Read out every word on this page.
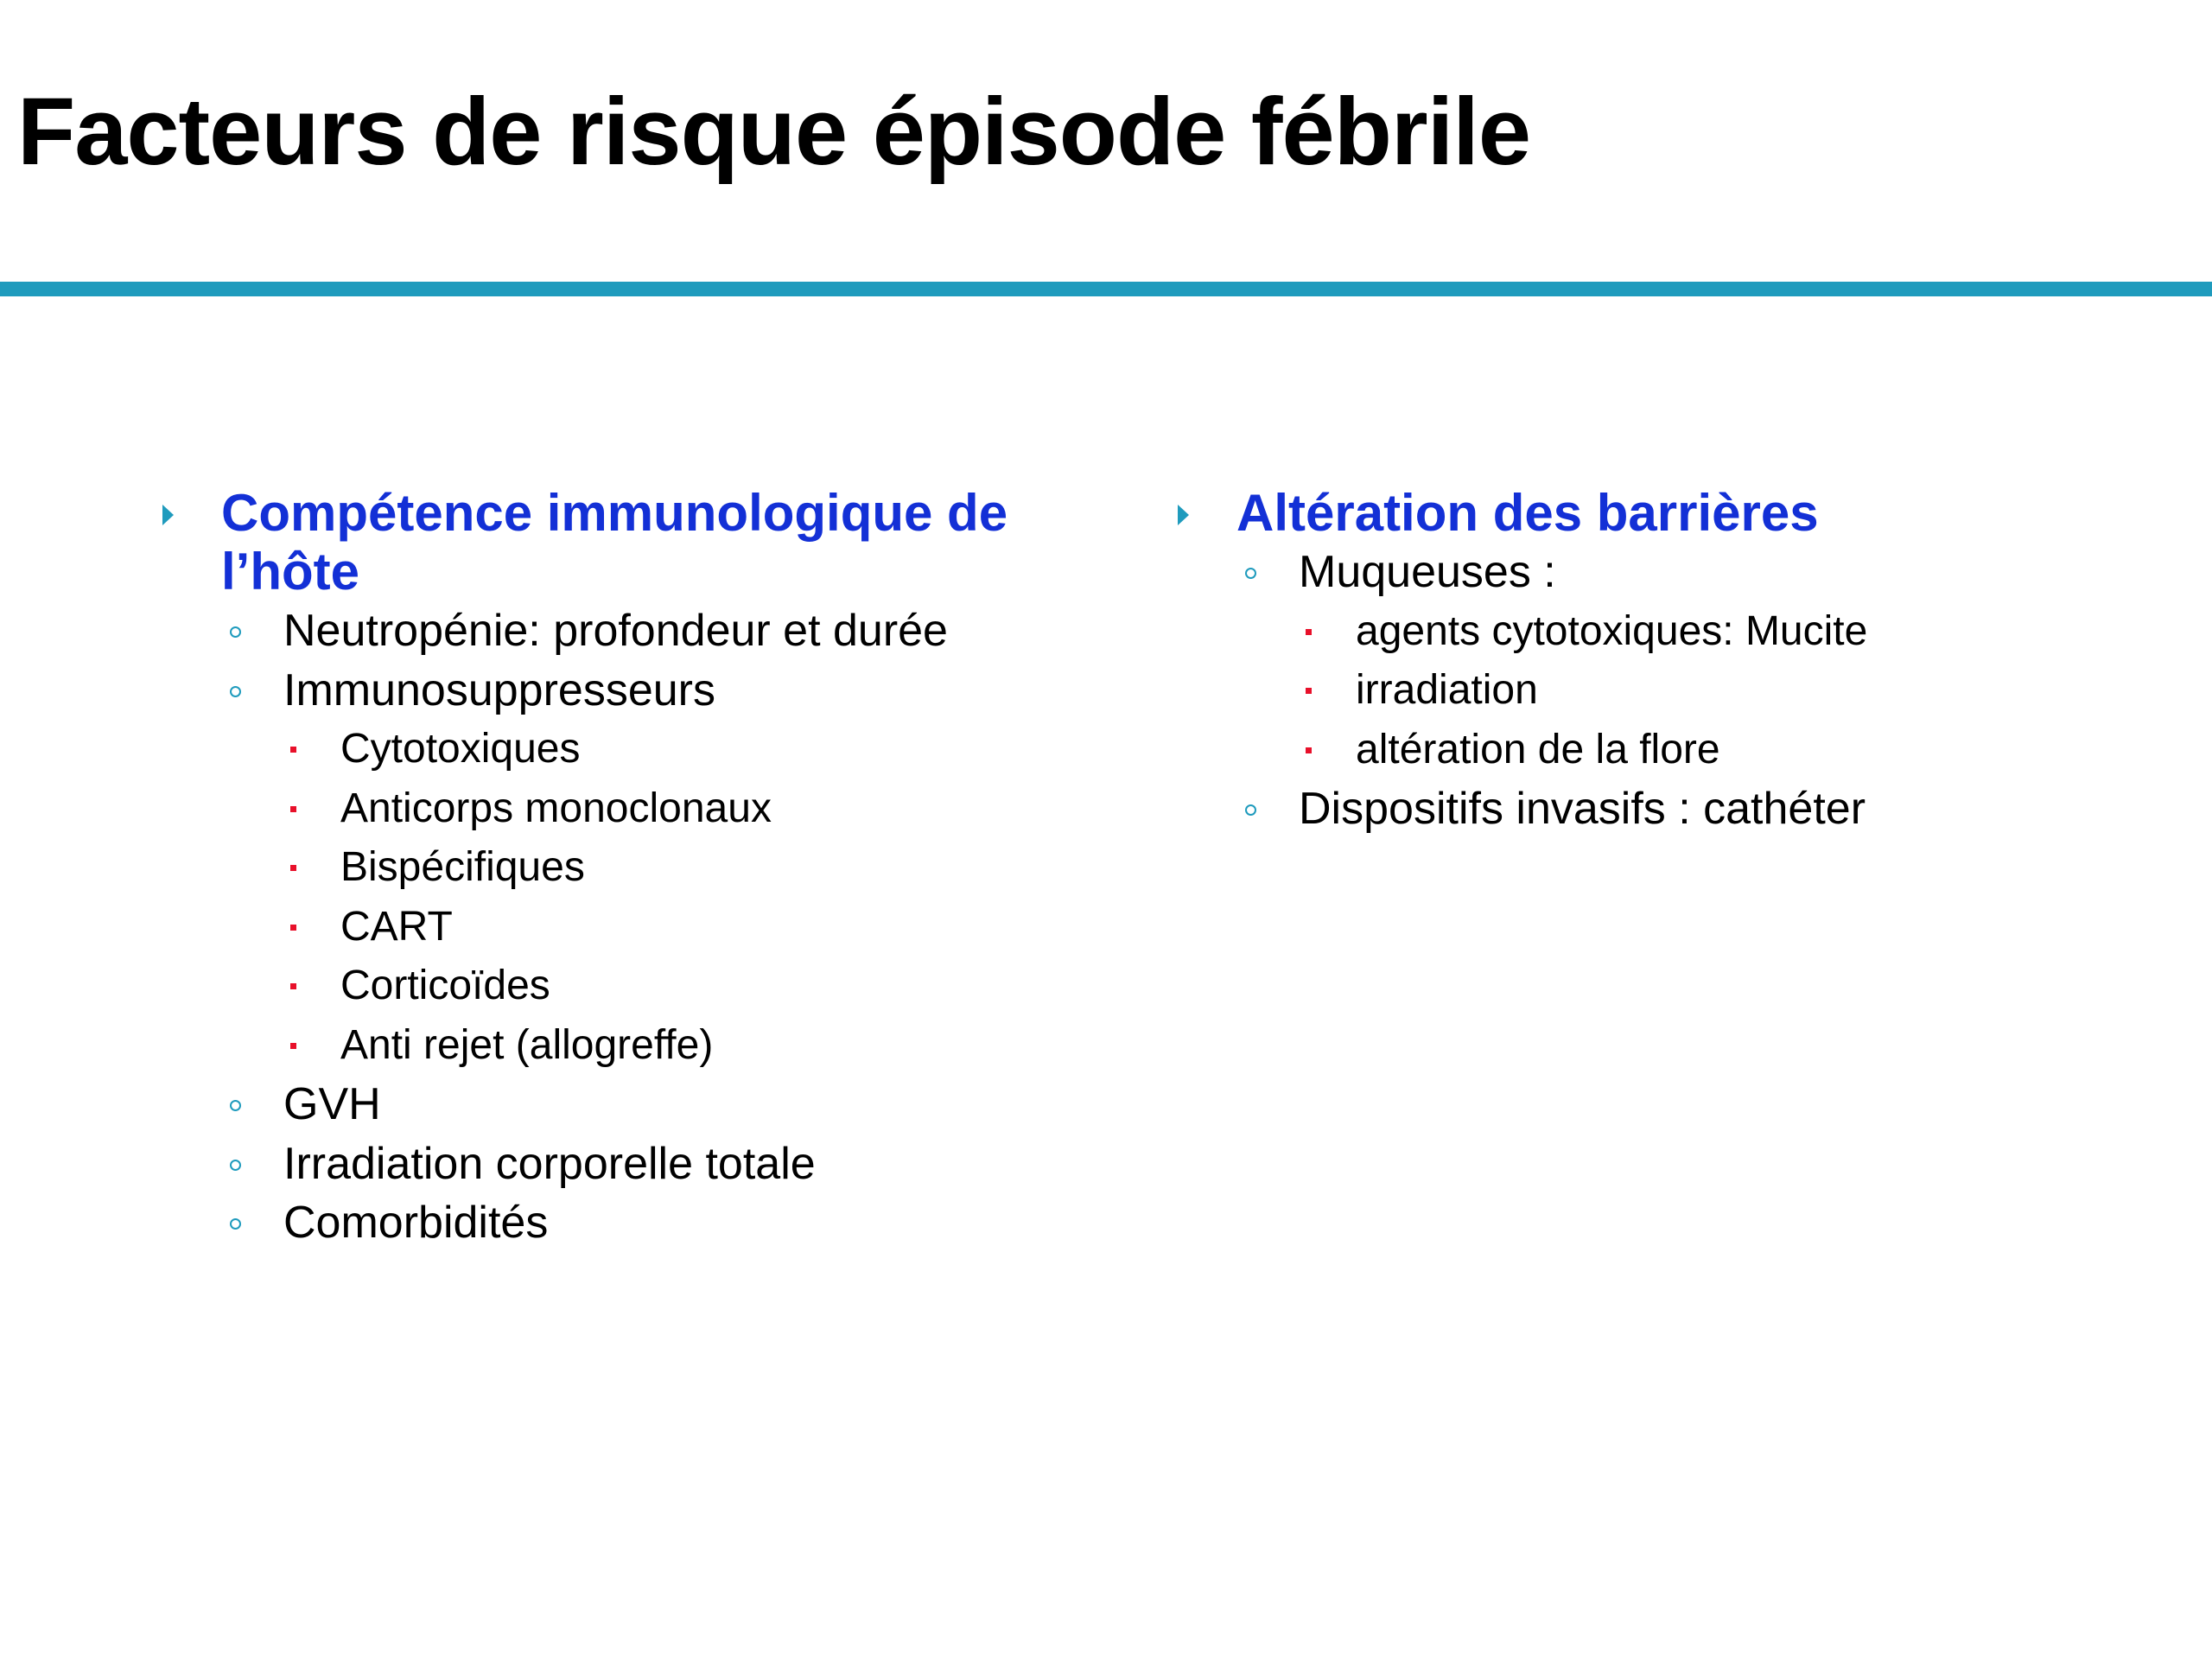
Facteurs de risque épisode fébrile
Compétence immunologique de
l’hôte
Neutropénie: profondeur et durée
Immunosuppresseurs
Cytotoxiques
Anticorps monoclonaux
Bispécifiques
CART
Corticoïdes
Anti rejet (allogreffe)
GVH
Irradiation corporelle totale
Comorbidités
Altération des barrières
Muqueuses :
agents cytotoxiques: Mucite
irradiation
altération de la flore
Dispositifs invasifs : cathéter
